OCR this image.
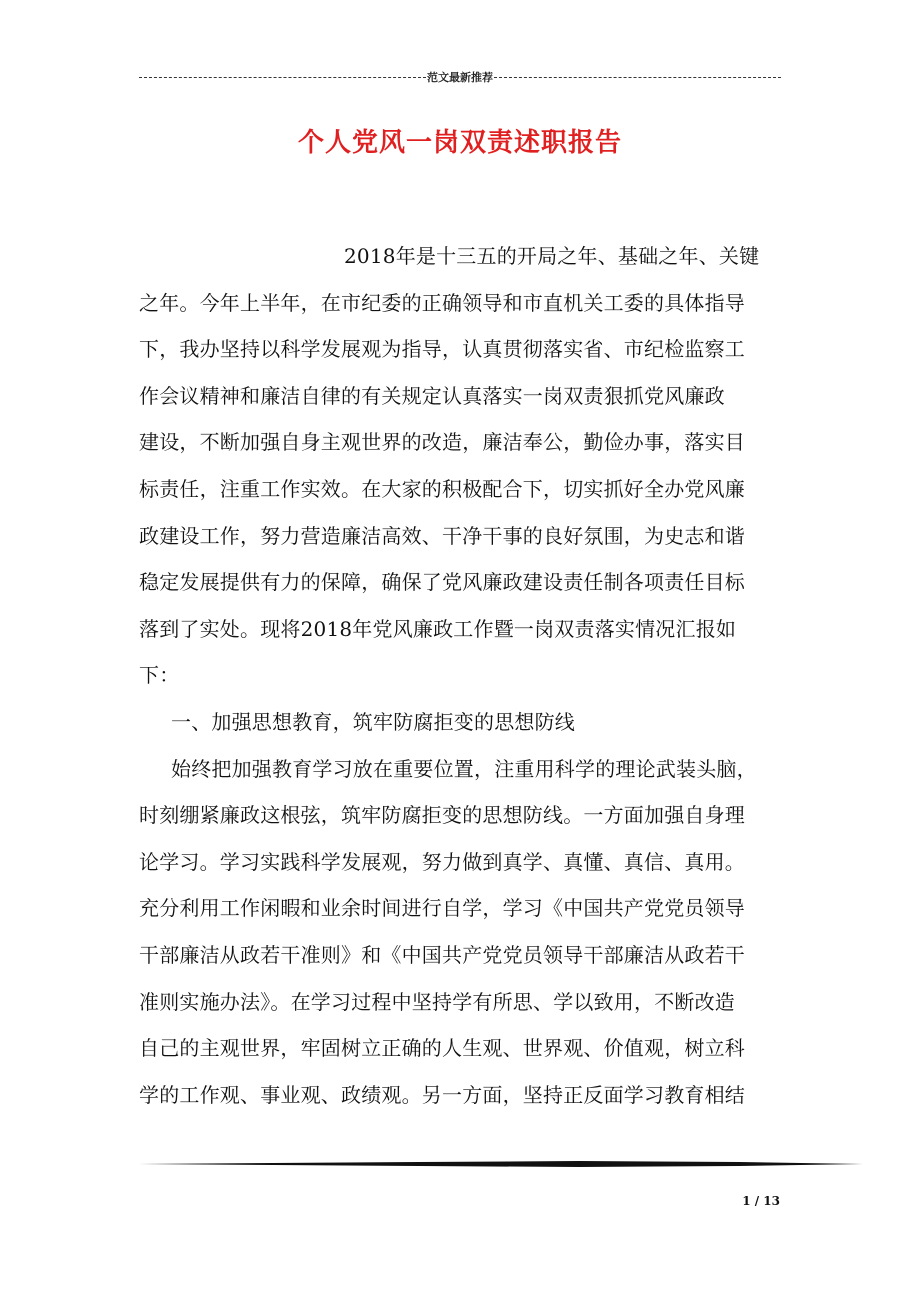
范文最新推荐
个人党风一岗双责述职报告
2018年是十三五的开局之年、基础之年、关键
之年。今年上半年，在市纪委的正确领导和市直机关工委的具体指导
下，我办坚持以科学发展观为指导，认真贯彻落实省、市纪检监察工
作会议精神和廉洁自律的有关规定认真落实一岗双责狠抓党风廉政
建设，不断加强自身主观世界的改造，廉洁奉公，勤俭办事，落实目
标责任，注重工作实效。在大家的积极配合下，切实抓好全办党风廉
政建设工作，努力营造廉洁高效、干净干事的良好氛围，为史志和谐
稳定发展提供有力的保障，确保了党风廉政建设责任制各项责任目标
落到了实处。现将2018年党风廉政工作暨一岗双责落实情况汇报如
下：
一、加强思想教育，筑牢防腐拒变的思想防线
始终把加强教育学习放在重要位置，注重用科学的理论武装头脑，
时刻绷紧廉政这根弦，筑牢防腐拒变的思想防线。一方面加强自身理
论学习。学习实践科学发展观，努力做到真学、真懂、真信、真用。
充分利用工作闲暇和业余时间进行自学，学习《中国共产党党员领导
干部廉洁从政若干准则》和《中国共产党党员领导干部廉洁从政若干
准则实施办法》。在学习过程中坚持学有所思、学以致用，不断改造
自己的主观世界，牢固树立正确的人生观、世界观、价值观，树立科
学的工作观、事业观、政绩观。另一方面，坚持正反面学习教育相结
1 / 13
